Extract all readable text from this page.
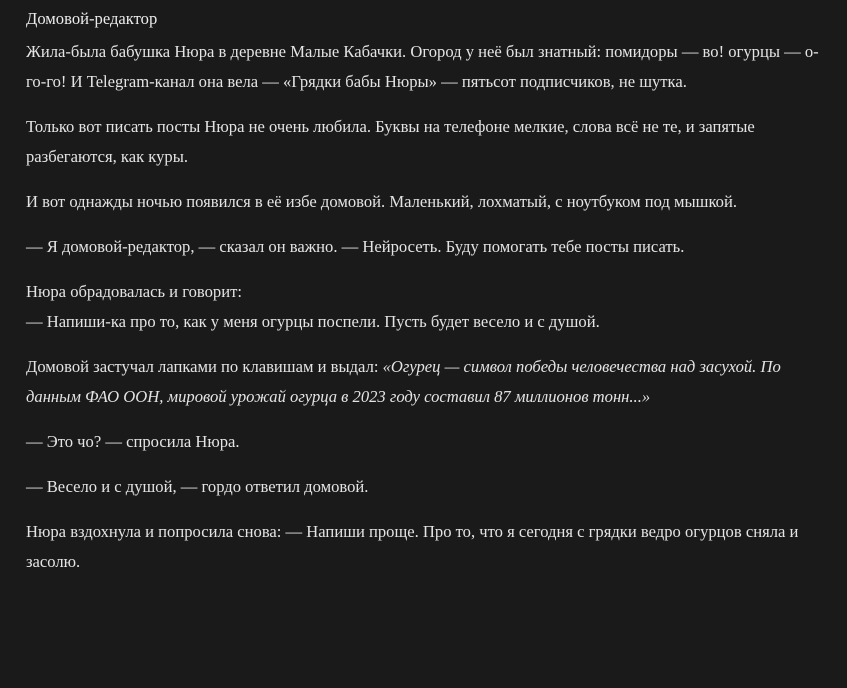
Домовой-редактор

Жила-была бабушка Нюра в деревне Малые Кабачки. Огород у неё был знатный: помидоры — во! огурцы — о-го-го! И Telegram-канал она вела — «Грядки бабы Нюры» — пятьсот подписчиков, не шутка.

Только вот писать посты Нюра не очень любила. Буквы на телефоне мелкие, слова всё не те, и запятые разбегаются, как куры.

И вот однажды ночью появился в её избе домовой. Маленький, лохматый, с ноутбуком под мышкой.

— Я домовой-редактор, — сказал он важно. — Нейросеть. Буду помогать тебе посты писать.

Нюра обрадовалась и говорит:
— Напиши-ка про то, как у меня огурцы поспели. Пусть будет весело и с душой.

Домовой застучал лапками по клавишам и выдал: «Огурец — символ победы человечества над засухой. По данным ФАО ООН, мировой урожай огурца в 2023 году составил 87 миллионов тонн...»

— Это чо? — спросила Нюра.

— Весело и с душой, — гордо ответил домовой.

Нюра вздохнула и попросила снова: — Напиши проще. Про то, что я сегодня с грядки ведро огурцов сняла и засолю.
